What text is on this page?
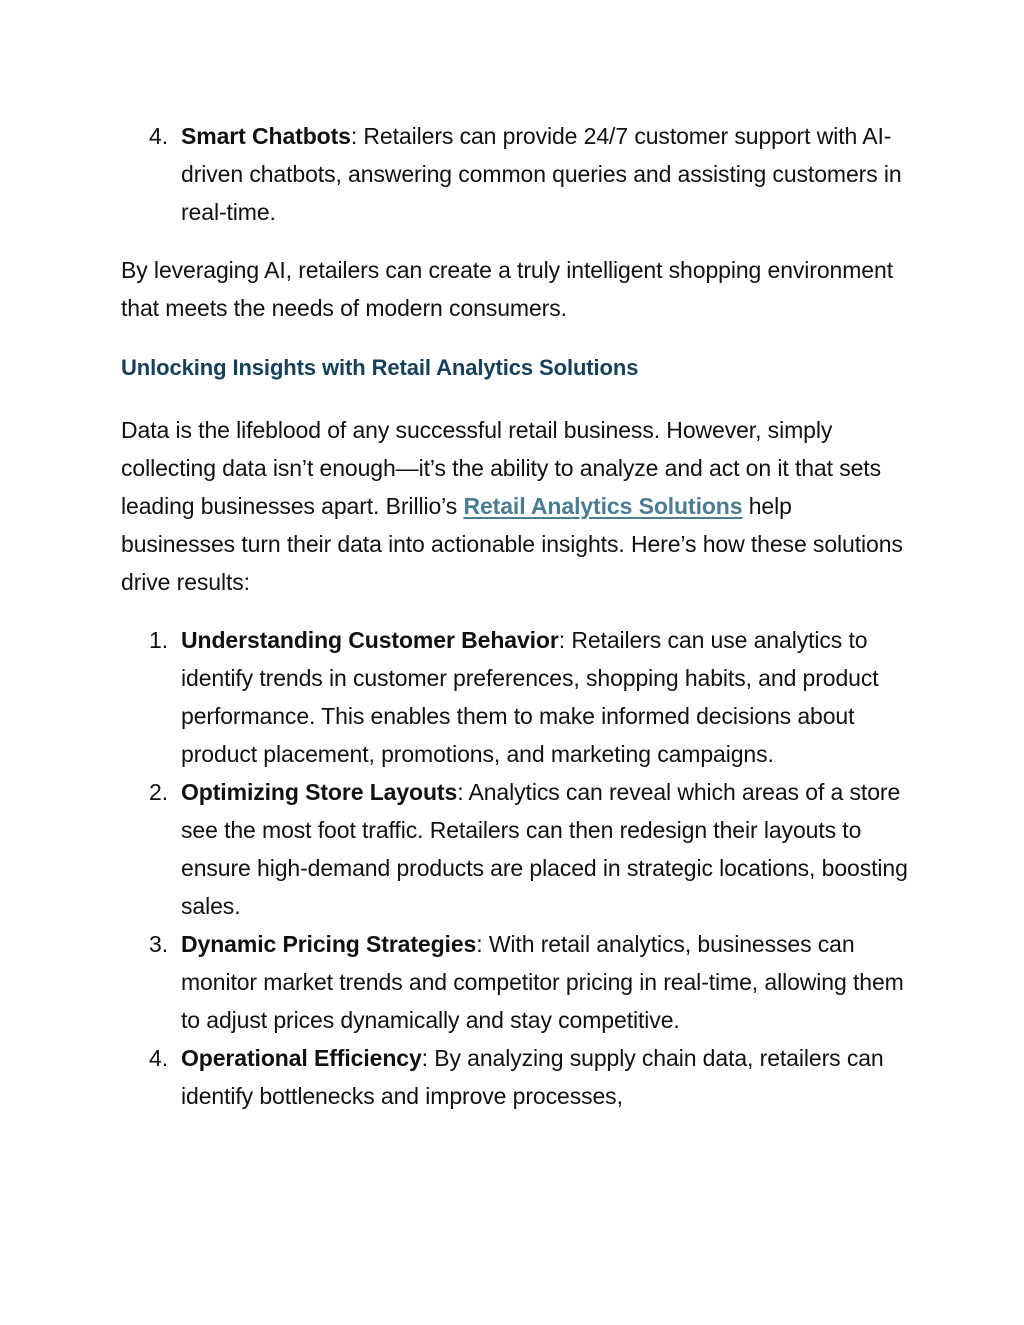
4. Smart Chatbots: Retailers can provide 24/7 customer support with AI-driven chatbots, answering common queries and assisting customers in real-time.

By leveraging AI, retailers can create a truly intelligent shopping environment that meets the needs of modern consumers.

Unlocking Insights with Retail Analytics Solutions

Data is the lifeblood of any successful retail business. However, simply collecting data isn’t enough—it’s the ability to analyze and act on it that sets leading businesses apart. Brillio’s Retail Analytics Solutions help businesses turn their data into actionable insights. Here’s how these solutions drive results:

1. Understanding Customer Behavior: Retailers can use analytics to identify trends in customer preferences, shopping habits, and product performance. This enables them to make informed decisions about product placement, promotions, and marketing campaigns.
2. Optimizing Store Layouts: Analytics can reveal which areas of a store see the most foot traffic. Retailers can then redesign their layouts to ensure high-demand products are placed in strategic locations, boosting sales.
3. Dynamic Pricing Strategies: With retail analytics, businesses can monitor market trends and competitor pricing in real-time, allowing them to adjust prices dynamically and stay competitive.
4. Operational Efficiency: By analyzing supply chain data, retailers can identify bottlenecks and improve processes,
